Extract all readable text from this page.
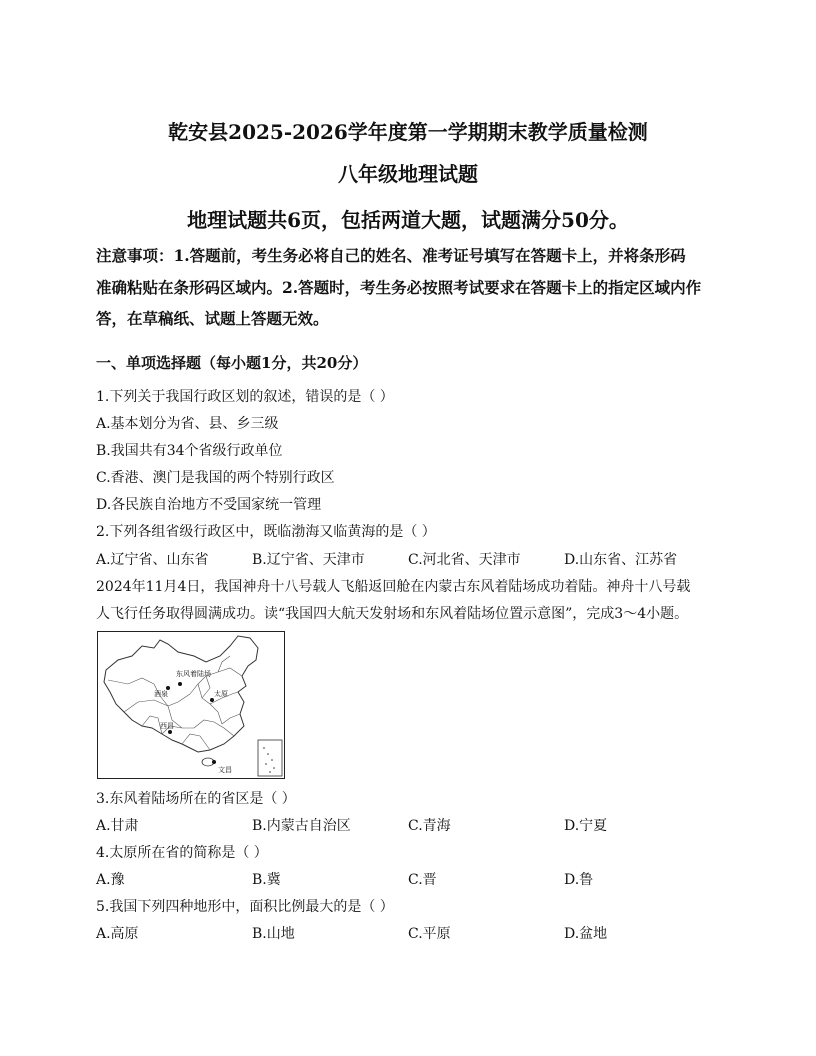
乾安县2025-2026学年度第一学期期末教学质量检测
八年级地理试题
地理试题共6页，包括两道大题，试题满分50分。
注意事项：1.答题前，考生务必将自己的姓名、准考证号填写在答题卡上，并将条形码
准确粘贴在条形码区域内。2.答题时，考生务必按照考试要求在答题卡上的指定区域内作
答，在草稿纸、试题上答题无效。
一、单项选择题（每小题1分，共20分）
1.下列关于我国行政区划的叙述，错误的是（ ）
A.基本划分为省、县、乡三级
B.我国共有34个省级行政单位
C.香港、澳门是我国的两个特别行政区
D.各民族自治地方不受国家统一管理
2.下列各组省级行政区中，既临渤海又临黄海的是（ ）
A.辽宁省、山东省	B.辽宁省、天津市	C.河北省、天津市	D.山东省、江苏省
2024年11月4日，我国神舟十八号载人飞船返回舱在内蒙古东风着陆场成功着陆。神舟十八号载
人飞行任务取得圆满成功。读“我国四大航天发射场和东风着陆场位置示意图”，完成3～4小题。
东风着陆场
酒泉	太原
西昌
文昌
3.东风着陆场所在的省区是（ ）
A.甘肃	B.内蒙古自治区	C.青海	D.宁夏
4.太原所在省的简称是（ ）
A.豫	B.冀	C.晋	D.鲁
5.我国下列四种地形中，面积比例最大的是（ ）
A.高原	B.山地	C.平原	D.盆地
